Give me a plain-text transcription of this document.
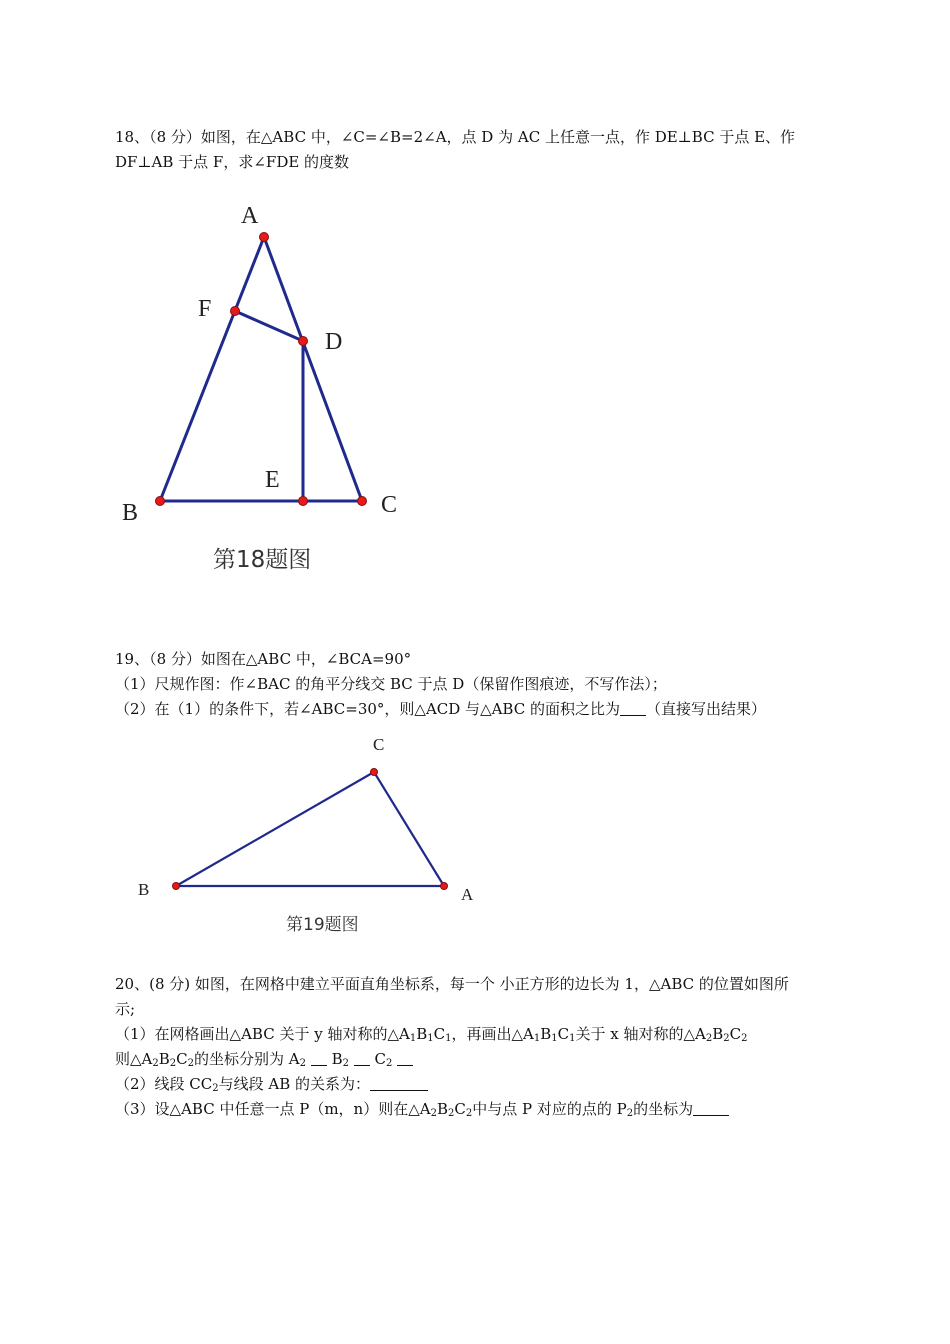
18、（8 分）如图，在△ABC 中，∠C=∠B=2∠A，点 D 为 AC 上任意一点，作 DE⊥BC 于点 E、作
DF⊥AB 于点 F，求∠FDE 的度数
A
F
D
E
B	C
第18题图
19、（8 分）如图在△ABC 中，∠BCA=90°
（1）尺规作图：作∠BAC 的角平分线交 BC 于点 D（保留作图痕迹，不写作法）；
（2）在（1）的条件下，若∠ABC=30°，则△ACD 与△ABC 的面积之比为 （直接写出结果）
C
B	A
第19题图
20、(8 分) 如图，在网格中建立平面直角坐标系，每一个 小正方形的边长为 1，△ABC 的位置如图所
示;
（1）在网格画出△ABC 关于 y 轴对称的$\triangle A_1B_1C_1$，再画出$\triangle A_1B_1C_1$关于 x 轴对称的$\triangle A_2B_2C_2$
则$\triangle A_2B_2C_2$的坐标分别为 $A_2$ $B_2$ $C_2$
（2）线段 $CC_2$与线段 AB 的关系为：
（3）设△ABC 中任意一点 P（m，n）则在$\triangle A_2B_2C_2$中与点 P 对应的点的 $P_2$的坐标为
